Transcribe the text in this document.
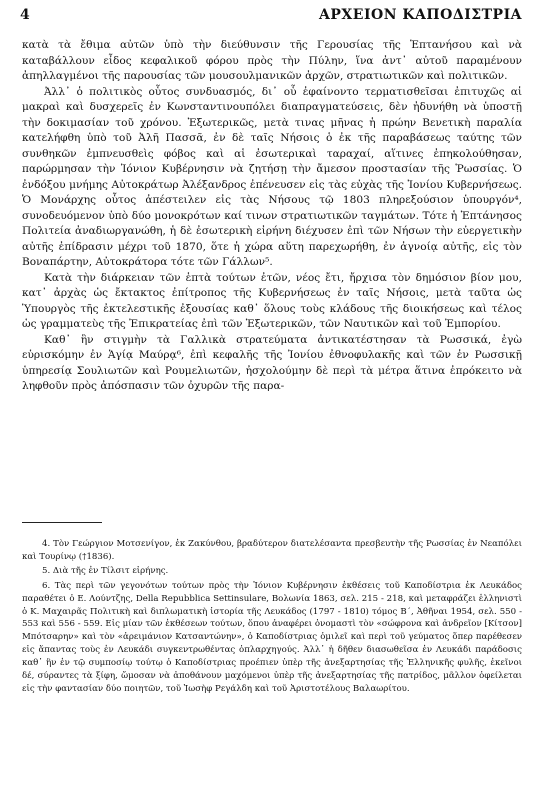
4	ΑΡΧΕΙΟΝ ΚΑΠΟΔΙΣΤΡΙΑ

κατὰ τὰ ἔθιμα αὐτῶν ὑπὸ τὴν διεύθυνσιν τῆς Γερουσίας τῆς Ἑπτανήσου καὶ νὰ καταβάλλουν εἶδος κεφαλικοῦ φόρου πρὸς τὴν Πύλην, ἵνα ἀντ᾿ αὐτοῦ παραμένουν ἀπηλλαγμένοι τῆς παρουσίας τῶν μουσουλμανικῶν ἀρχῶν, στρατιωτικῶν καὶ πολιτικῶν.

Ἀλλ᾿ ὁ πολιτικὸς οὗτος συνδυασμός, δι᾿ οὗ ἐφαίνοντο τερματισθεῖσαι ἐπιτυχῶς αἱ μακραὶ καὶ δυσχερεῖς ἐν Κωνσταντινουπόλει διαπραγματεύσεις, δὲν ἠδυνήθη νὰ ὑποστῇ τὴν δοκιμασίαν τοῦ χρόνου. Ἐξωτερικῶς, μετὰ τινας μῆνας ἡ πρώην Βενετικὴ παραλία κατελήφθη ὑπὸ τοῦ Ἀλῆ Πασσᾶ, ἐν δὲ ταῖς Νήσοις ὁ ἐκ τῆς παραβάσεως ταύτης τῶν συνθηκῶν ἐμπνευσθεὶς φόβος καὶ αἱ ἐσωτερικαὶ ταραχαί, αἵτινες ἐπηκολούθησαν, παρώρμησαν τὴν Ἰόνιον Κυβέρνησιν νὰ ζητήσῃ τὴν ἄμεσον προστασίαν τῆς Ῥωσσίας. Ὁ ἐνδόξου μνήμης Αὐτοκράτωρ Ἀλέξανδρος ἐπένευσεν εἰς τὰς εὐχὰς τῆς Ἰονίου Κυβερνήσεως. Ὁ Μονάρχης οὗτος ἀπέστειλεν εἰς τὰς Νήσους τῷ 1803 πληρεξούσιον ὑπουργόν⁴, συνοδευόμενον ὑπὸ δύο μονοκρότων καί τινων στρατιωτικῶν ταγμάτων. Τότε ἡ Ἑπτάνησος Πολιτεία ἀναδιωργανώθη, ἡ δὲ ἐσωτερικὴ εἰρήνη διέχυσεν ἐπὶ τῶν Νήσων τὴν εὐεργετικὴν αὐτῆς ἐπίδρασιν μέχρι τοῦ 1870, ὅτε ἡ χώρα αὕτη παρεχωρήθη, ἐν ἀγνοίᾳ αὐτῆς, εἰς τὸν Βοναπάρτην, Αὐτοκράτορα τότε τῶν Γάλλων⁵.

Κατὰ τὴν διάρκειαν τῶν ἑπτὰ τούτων ἐτῶν, νέος ἔτι, ἤρχισα τὸν δημόσιον βίον μου, κατ᾿ ἀρχὰς ὡς ἔκτακτος ἐπίτροπος τῆς Κυβερνήσεως ἐν ταῖς Νήσοις, μετὰ ταῦτα ὡς Ὑπουργὸς τῆς ἐκτελεστικῆς ἐξουσίας καθ᾿ ὅλους τοὺς κλάδους τῆς διοικήσεως καὶ τέλος ὡς γραμματεὺς τῆς Ἐπικρατείας ἐπὶ τῶν Ἐξωτερικῶν, τῶν Ναυτικῶν καὶ τοῦ Ἐμπορίου.

Καθ᾿ ἣν στιγμὴν τὰ Γαλλικὰ στρατεύματα ἀντικατέστησαν τὰ Ρωσσικά, ἐγὼ εὑρισκόμην ἐν Ἁγίᾳ Μαύρᾳ⁶, ἐπὶ κεφαλῆς τῆς Ἰονίου ἐθνοφυλακῆς καὶ τῶν ἐν Ρωσσικῇ ὑπηρεσίᾳ Σουλιωτῶν καὶ Ρουμελιωτῶν, ἠσχολούμην δὲ περὶ τὰ μέτρα ἅτινα ἐπρόκειτο νὰ ληφθοῦν πρὸς ἀπόσπασιν τῶν ὀχυρῶν τῆς παρα-

4. Τὸν Γεώργιον Μοτσενίγον, ἐκ Ζακύνθου, βραδύτερον διατελέσαντα πρεσβευτὴν τῆς Ρωσσίας ἐν Νεαπόλει καὶ Τουρίνῳ (†1836).

5. Διὰ τῆς ἐν Τίλσιτ εἰρήνης.

6. Τὰς περὶ τῶν γεγονότων τούτων πρὸς τὴν Ἰόνιον Κυβέρνησιν ἐκθέσεις τοῦ Καποδίστρια ἐκ Λευκάδος παραθέτει ὁ Ε. Λούντζης, Della Repubblica Settinsulare, Βολωνία 1863, σελ. 215 - 218, καὶ μεταφράζει ἑλληνιστὶ ὁ Κ. Μαχαιρᾶς Πολιτικὴ καὶ διπλωματικὴ ἱστορία τῆς Λευκάδος (1797 - 1810) τόμος Β΄, Ἀθῆναι 1954, σελ. 550 - 553 καὶ 556 - 559. Εἰς μίαν τῶν ἐκθέσεων τούτων, ὅπου ἀναφέρει ὀνομαστὶ τὸν «σώφρονα καὶ ἀνδρεῖον [Κίτσον] Μπότσαρην» καὶ τὸν «ἀρειμάνιον Κατσαντώνην», ὁ Καποδίστριας ὁμιλεῖ καὶ περὶ τοῦ γεύματος ὅπερ παρέθεσεν εἰς ἅπαντας τοὺς ἐν Λευκάδι συγκεντρωθέντας ὁπλαρχηγούς. Ἀλλ᾿ ἡ δῆθεν διασωθεῖσα ἐν Λευκάδι παράδοσις καθ᾿ ἣν ἐν τῷ συμποσίῳ τούτῳ ὁ Καποδίστριας προέπιεν ὑπὲρ τῆς ἀνεξαρτησίας τῆς Ἑλληνικῆς φυλῆς, ἐκεῖνοι δέ, σύραντες τὰ ξίφη, ὤμοσαν νὰ ἀποθάνουν μαχόμενοι ὑπὲρ τῆς ἀνεξαρτησίας τῆς πατρίδος, μᾶλλον ὀφείλεται εἰς τὴν φαντασίαν δύο ποιητῶν, τοῦ Ἰωσὴφ Ρεγάλδη καὶ τοῦ Ἀριστοτέλους Βαλαωρίτου.
